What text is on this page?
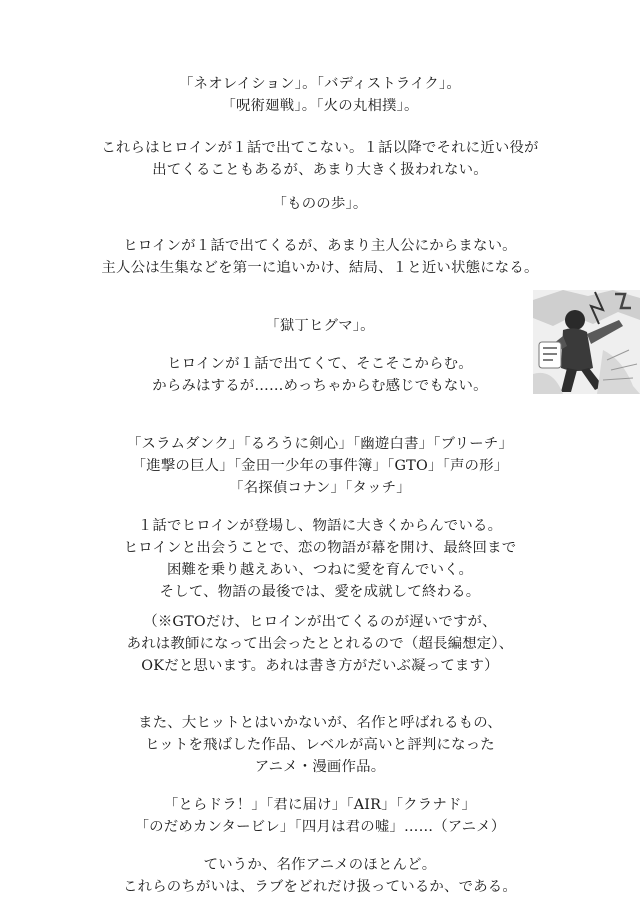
「ネオレイション」。「バディストライク」。
「呪術廻戦」。「火の丸相撲」。
これらはヒロインが１話で出てこない。１話以降でそれに近い役が
出てくることもあるが、あまり大きく扱われない。
「ものの歩」。
ヒロインが１話で出てくるが、あまり主人公にからまない。
主人公は生集などを第一に追いかけ、結局、１と近い状態になる。
「獄丁ヒグマ」。
ヒロインが１話で出てくて、そこそこからむ。
からみはするが……めっちゃからむ感じでもない。
「スラムダンク」「るろうに剣心」「幽遊白書」「ブリーチ」
「進撃の巨人」「金田一少年の事件簿」「GTO」「声の形」
「名探偵コナン」「タッチ」
１話でヒロインが登場し、物語に大きくからんでいる。
ヒロインと出会うことで、恋の物語が幕を開け、最終回まで
困難を乗り越えあい、つねに愛を育んでいく。
そして、物語の最後では、愛を成就して終わる。
（※GTOだけ、ヒロインが出てくるのが遅いですが、
あれは教師になって出会ったととれるので（超長編想定）、
OKだと思います。あれは書き方がだいぶ凝ってます）
また、大ヒットとはいかないが、名作と呼ばれるもの、
ヒットを飛ばした作品、レベルが高いと評判になった
アニメ・漫画作品。
「とらドラ！」「君に届け」「AIR」「クラナド」
「のだめカンタービレ」「四月は君の嘘」……（アニメ）
ていうか、名作アニメのほとんど。
これらのちがいは、ラブをどれだけ扱っているか、である。
